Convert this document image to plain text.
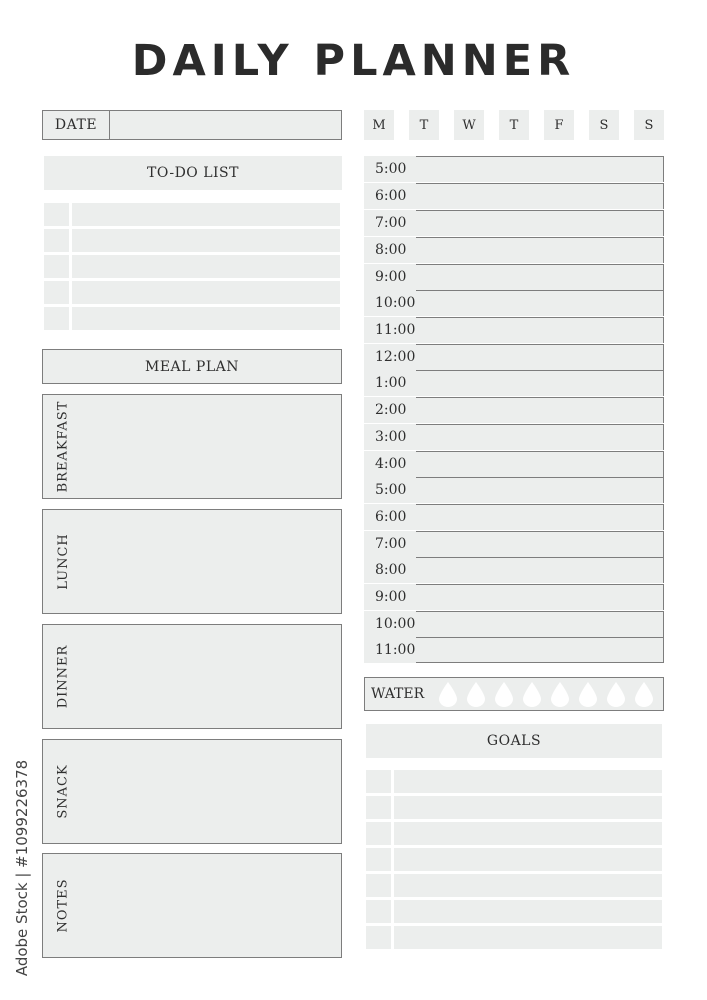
DAILY PLANNER
DATE	M	T	W	T	F	S	S
TO-DO LIST
MEAL PLAN
BREAKFAST
LUNCH
DINNER
SNACK
NOTES
5:00
6:00
7:00
8:00
9:00
10:00
11:00
12:00
1:00
2:00
3:00
4:00
5:00
6:00
7:00
8:00
9:00
10:00
11:00
WATER
GOALS
Adobe Stock | #1099226378
